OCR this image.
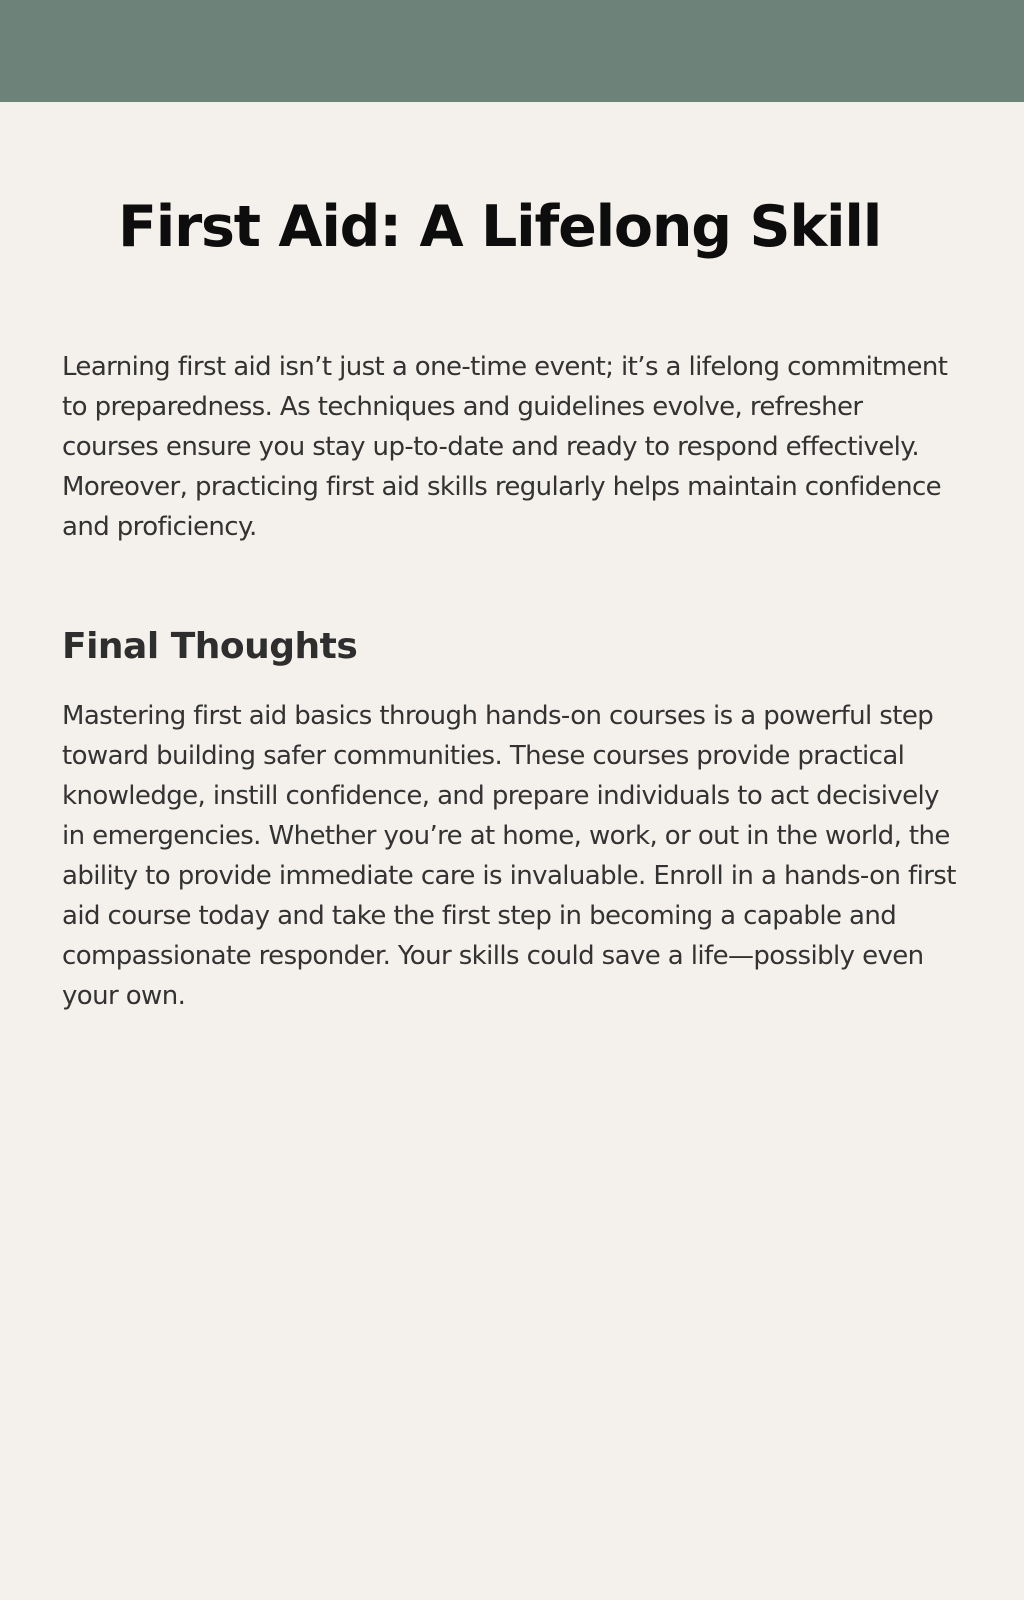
First Aid: A Lifelong Skill

Learning first aid isn’t just a one-time event; it’s a lifelong commitment to preparedness. As techniques and guidelines evolve, refresher courses ensure you stay up-to-date and ready to respond effectively. Moreover, practicing first aid skills regularly helps maintain confidence and proficiency.

Final Thoughts

Mastering first aid basics through hands-on courses is a powerful step toward building safer communities. These courses provide practical knowledge, instill confidence, and prepare individuals to act decisively in emergencies. Whether you’re at home, work, or out in the world, the ability to provide immediate care is invaluable. Enroll in a hands-on first aid course today and take the first step in becoming a capable and compassionate responder. Your skills could save a life—possibly even your own.
